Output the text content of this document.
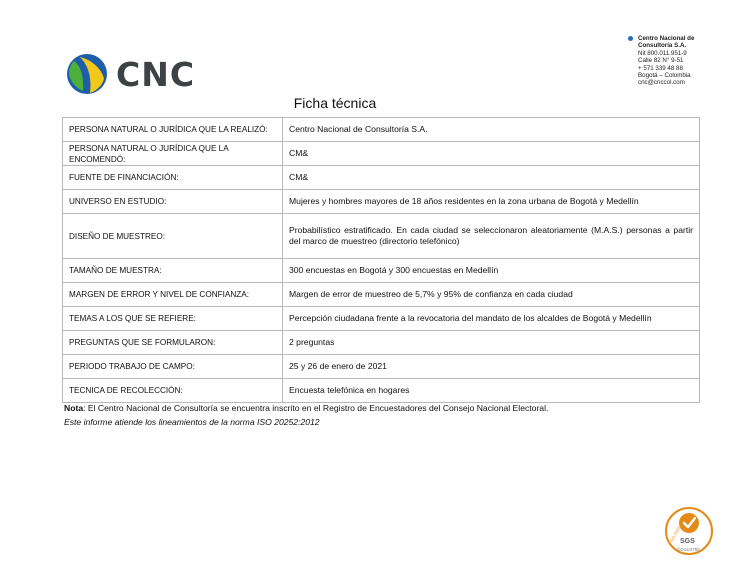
CNC
Centro Nacional de
Consultoría S.A.
Nit 800.011.951-9
Calle 82 N° 9-51
+ 571 339 48 88
Bogotá – Colombia
cnc@cnccol.com
Ficha técnica
PERSONA NATURAL O JURÍDICA QUE LA REALIZÓ:	Centro Nacional de Consultoría S.A.
PERSONA NATURAL O JURÍDICA QUE LA ENCOMENDÓ:	CM&
FUENTE DE FINANCIACIÓN:	CM&
UNIVERSO EN ESTUDIO:	Mujeres y hombres mayores de 18 años residentes en la zona urbana de Bogotá y Medellín
DISEÑO DE MUESTREO:	Probabilístico estratificado. En cada ciudad se seleccionaron aleatoriamente (M.A.S.) personas a partir del marco de muestreo (directorio telefónico)
TAMAÑO DE MUESTRA:	300 encuestas en Bogotá y 300 encuestas en Medellín
MARGEN DE ERROR Y NIVEL DE CONFIANZA:	Margen de error de muestreo de 5,7% y 95% de confianza en cada ciudad
TEMAS A LOS QUE SE REFIERE:	Percepción ciudadana frente a la revocatoria del mandato de los alcaldes de Bogotá y Medellín
PREGUNTAS QUE SE FORMULARON:	2 preguntas
PERIODO TRABAJO DE CAMPO:	25 y 26 de enero de 2021
TECNICA DE RECOLECCIÓN:	Encuesta telefónica en hogares
Nota: El Centro Nacional de Consultoría se encuentra inscrito en el Registro de Encuestadores del Consejo Nacional Electoral.
Este informe atiende los lineamientos de la norma ISO 20252:2012
ISO 20252
SGS
CO11/4782
